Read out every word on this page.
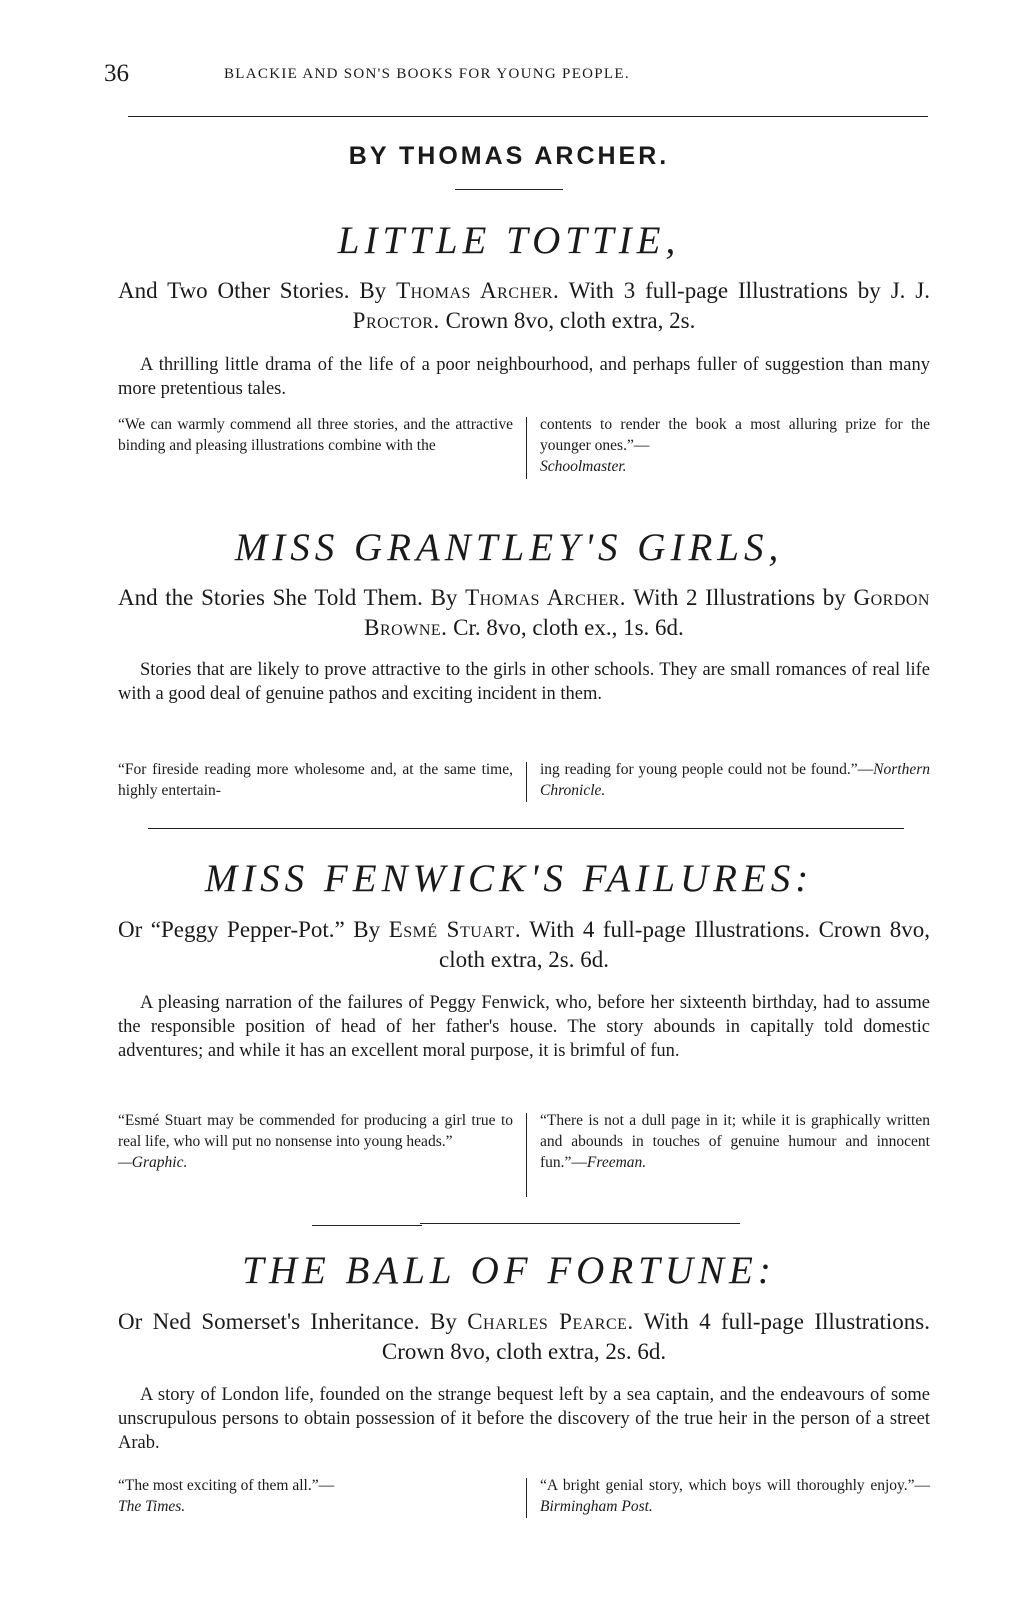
36	BLACKIE AND SON'S BOOKS FOR YOUNG PEOPLE.
BY THOMAS ARCHER.
LITTLE TOTTIE,
And Two Other Stories. By Thomas Archer. With 3 full-page Illustrations by J. J. Proctor. Crown 8vo, cloth extra, 2s.
A thrilling little drama of the life of a poor neighbourhood, and perhaps fuller of suggestion than many more pretentious tales.
“We can warmly commend all three stories, and the attractive binding and pleasing illustrations combine with the
contents to render the book a most alluring prize for the younger ones.”—
Schoolmaster.
MISS GRANTLEY'S GIRLS,
And the Stories She Told Them. By Thomas Archer. With 2 Illustrations by Gordon Browne. Cr. 8vo, cloth ex., 1s. 6d.
Stories that are likely to prove attractive to the girls in other schools. They are small romances of real life with a good deal of genuine pathos and exciting incident in them.
“For fireside reading more wholesome and, at the same time, highly entertain-
ing reading for young people could not be found.”—Northern Chronicle.
MISS FENWICK'S FAILURES:
Or “Peggy Pepper-Pot.” By Esmé Stuart. With 4 full-page Illustrations. Crown 8vo, cloth extra, 2s. 6d.
A pleasing narration of the failures of Peggy Fenwick, who, before her sixteenth birthday, had to assume the responsible position of head of her father's house. The story abounds in capitally told domestic adventures; and while it has an excellent moral purpose, it is brimful of fun.
“Esmé Stuart may be commended for producing a girl true to real life, who will put no nonsense into young heads.”
—Graphic.
“There is not a dull page in it; while it is graphically written and abounds in touches of genuine humour and innocent fun.”—Freeman.
THE BALL OF FORTUNE:
Or Ned Somerset's Inheritance. By Charles Pearce. With 4 full-page Illustrations. Crown 8vo, cloth extra, 2s. 6d.
A story of London life, founded on the strange bequest left by a sea captain, and the endeavours of some unscrupulous persons to obtain possession of it before the discovery of the true heir in the person of a street Arab.
“The most exciting of them all.”—
The Times.
“A bright genial story, which boys will thoroughly enjoy.”—Birmingham Post.
